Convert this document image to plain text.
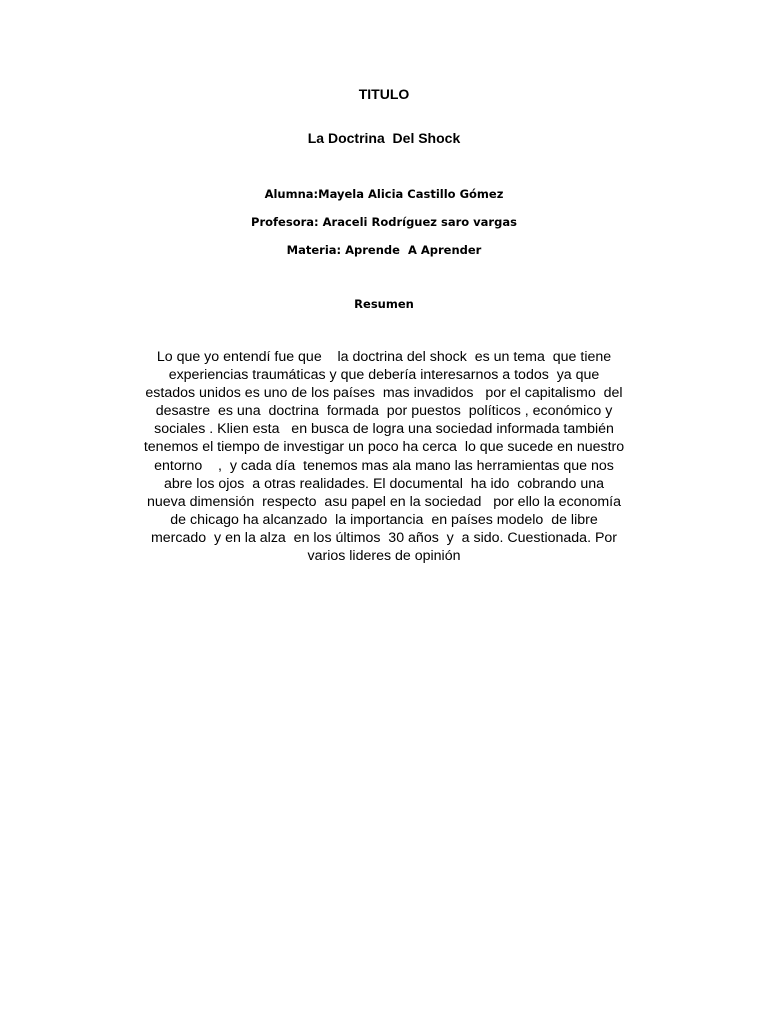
TITULO
La Doctrina  Del Shock
Alumna:Mayela Alicia Castillo Gómez
Profesora: Araceli Rodríguez saro vargas
Materia: Aprende  A Aprender
Resumen
Lo que yo entendí fue que    la doctrina del shock  es un tema  que tiene
experiencias traumáticas y que debería interesarnos a todos  ya que
estados unidos es uno de los países  mas invadidos   por el capitalismo  del
desastre  es una  doctrina  formada  por puestos  políticos , económico y
sociales . Klien esta   en busca de logra una sociedad informada también
tenemos el tiempo de investigar un poco ha cerca  lo que sucede en nuestro
entorno    ,  y cada día  tenemos mas ala mano las herramientas que nos
abre los ojos  a otras realidades. El documental  ha ido  cobrando una
nueva dimensión  respecto  asu papel en la sociedad   por ello la economía
de chicago ha alcanzado  la importancia  en países modelo  de libre
mercado  y en la alza  en los últimos  30 años  y  a sido. Cuestionada. Por
varios lideres de opinión
